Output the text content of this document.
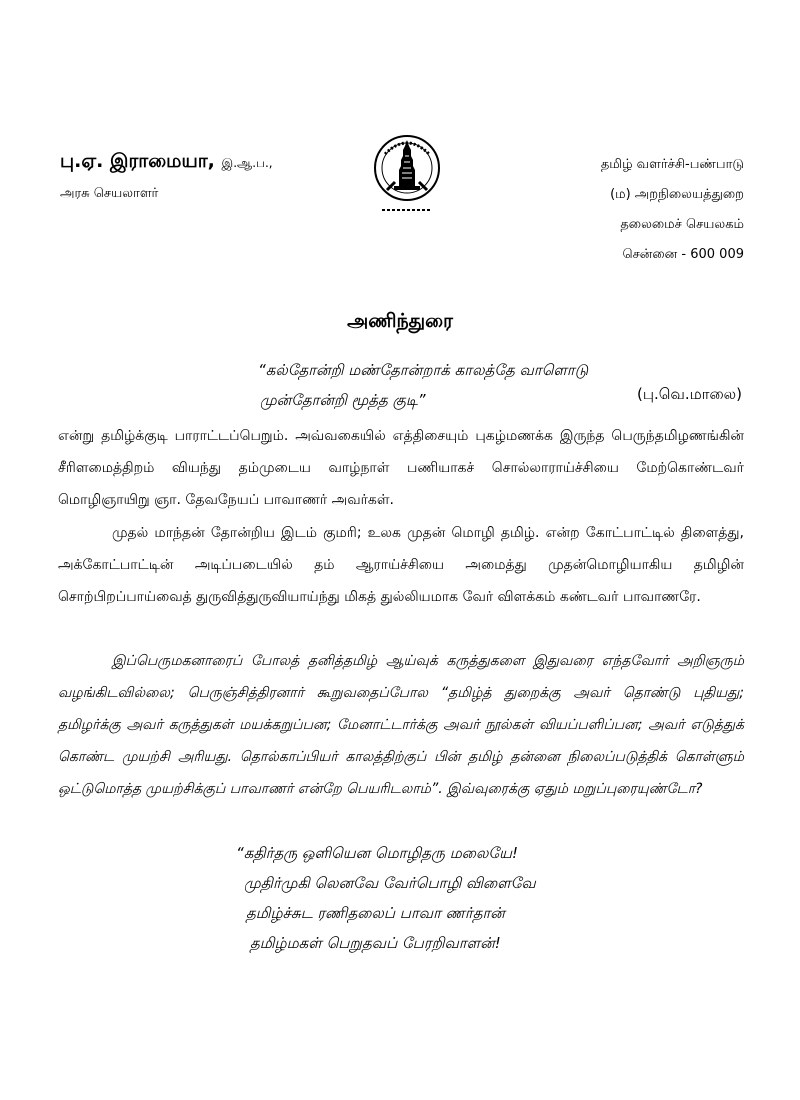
பு.ஏ. இராமையா, இ.ஆ.ப.,
அரசு செயலாளர்
தமிழ் வளர்ச்சி-பண்பாடு
(ம) அறநிலையத்துறை
தலைமைச் செயலகம்
சென்னை - 600 009
அணிந்துரை
“கல்தோன்றி மண்தோன்றாக் காலத்தே வாளொடு
முன்தோன்றி மூத்த குடி”	(பு.வெ.மாலை)
என்று தமிழ்க்குடி பாராட்டப்பெறும். அவ்வகையில் எத்திசையும் புகழ்மணக்க இருந்த பெருந்தமிழணங்கின் சீரிளமைத்திறம் வியந்து தம்முடைய வாழ்நாள் பணியாகச் சொல்லாராய்ச்சியை மேற்கொண்டவர் மொழிஞாயிறு ஞா. தேவநேயப் பாவாணர் அவர்கள்.
முதல் மாந்தன் தோன்றிய இடம் குமரி; உலக முதன் மொழி தமிழ். என்ற கோட்பாட்டில் திளைத்து, அக்கோட்பாட்டின் அடிப்படையில் தம் ஆராய்ச்சியை அமைத்து முதன்மொழியாகிய தமிழின் சொற்பிறப்பாய்வைத் துருவித்துருவியாய்ந்து மிகத் துல்லியமாக வேர் விளக்கம் கண்டவர் பாவாணரே.
இப்பெருமகனாரைப் போலத் தனித்தமிழ் ஆய்வுக் கருத்துகளை இதுவரை எந்தவோர் அறிஞரும் வழங்கிடவில்லை; பெருஞ்சித்திரனார் கூறுவதைப்போல “தமிழ்த் துறைக்கு அவர் தொண்டு புதியது; தமிழர்க்கு அவர் கருத்துகள் மயக்கறுப்பன; மேனாட்டார்க்கு அவர் நூல்கள் வியப்பளிப்பன; அவர் எடுத்துக் கொண்ட முயற்சி அரியது. தொல்காப்பியர் காலத்திற்குப் பின் தமிழ் தன்னை நிலைப்படுத்திக் கொள்ளும் ஒட்டுமொத்த முயற்சிக்குப் பாவாணர் என்றே பெயரிடலாம்”. இவ்வுரைக்கு ஏதும் மறுப்புரையுண்டோ?
“கதிர்தரு ஒளியென மொழிதரு மலையே!
முதிர்முகி லெனவே வேர்பொழி விளைவே
தமிழ்ச்சுட ரணிதலைப் பாவா ணர்தான்
தமிழ்மகள் பெறுதவப் பேரறிவாளன்!
